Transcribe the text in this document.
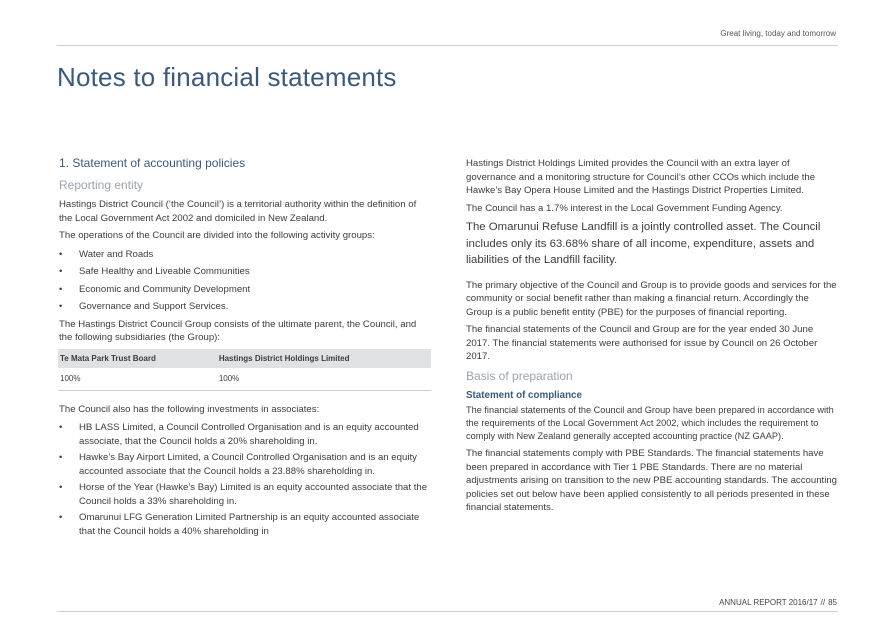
Great living, today and tomorrow
Notes to financial statements
1. Statement of accounting policies
Reporting entity

Hastings District Council (‘the Council’) is a territorial authority within the definition of the Local Government Act 2002 and domiciled in New Zealand.

The operations of the Council are divided into the following activity groups:

• Water and Roads
• Safe Healthy and Liveable Communities
• Economic and Community Development
• Governance and Support Services.

The Hastings District Council Group consists of the ultimate parent, the Council, and the following subsidiaries (the Group):

Te Mata Park Trust Board	Hastings District Holdings Limited
100%	100%

The Council also has the following investments in associates:

• HB LASS Limited, a Council Controlled Organisation and is an equity accounted associate, that the Council holds a 20% shareholding in.
• Hawke’s Bay Airport Limited, a Council Controlled Organisation and is an equity accounted associate that the Council holds a 23.88% shareholding in.
• Horse of the Year (Hawke’s Bay) Limited is an equity accounted associate that the Council holds a 33% shareholding in.
• Omarunui LFG Generation Limited Partnership is an equity accounted associate that the Council holds a 40% shareholding in

Hastings District Holdings Limited provides the Council with an extra layer of governance and a monitoring structure for Council’s other CCOs which include the Hawke’s Bay Opera House Limited and the Hastings District Properties Limited.

The Council has a 1.7% interest in the Local Government Funding Agency.

The Omarunui Refuse Landfill is a jointly controlled asset. The Council includes only its 63.68% share of all income, expenditure, assets and liabilities of the Landfill facility.

The primary objective of the Council and Group is to provide goods and services for the community or social benefit rather than making a financial return. Accordingly the Group is a public benefit entity (PBE) for the purposes of financial reporting.

The financial statements of the Council and Group are for the year ended 30 June 2017. The financial statements were authorised for issue by Council on 26 October 2017.

Basis of preparation
Statement of compliance

The financial statements of the Council and Group have been prepared in accordance with the requirements of the Local Government Act 2002, which includes the requirement to comply with New Zealand generally accepted accounting practice (NZ GAAP).

The financial statements comply with PBE Standards. The financial statements have been prepared in accordance with Tier 1 PBE Standards. There are no material adjustments arising on transition to the new PBE accounting standards. The accounting policies set out below have been applied consistently to all periods presented in these financial statements.

ANNUAL REPORT 2016/17 // 85
